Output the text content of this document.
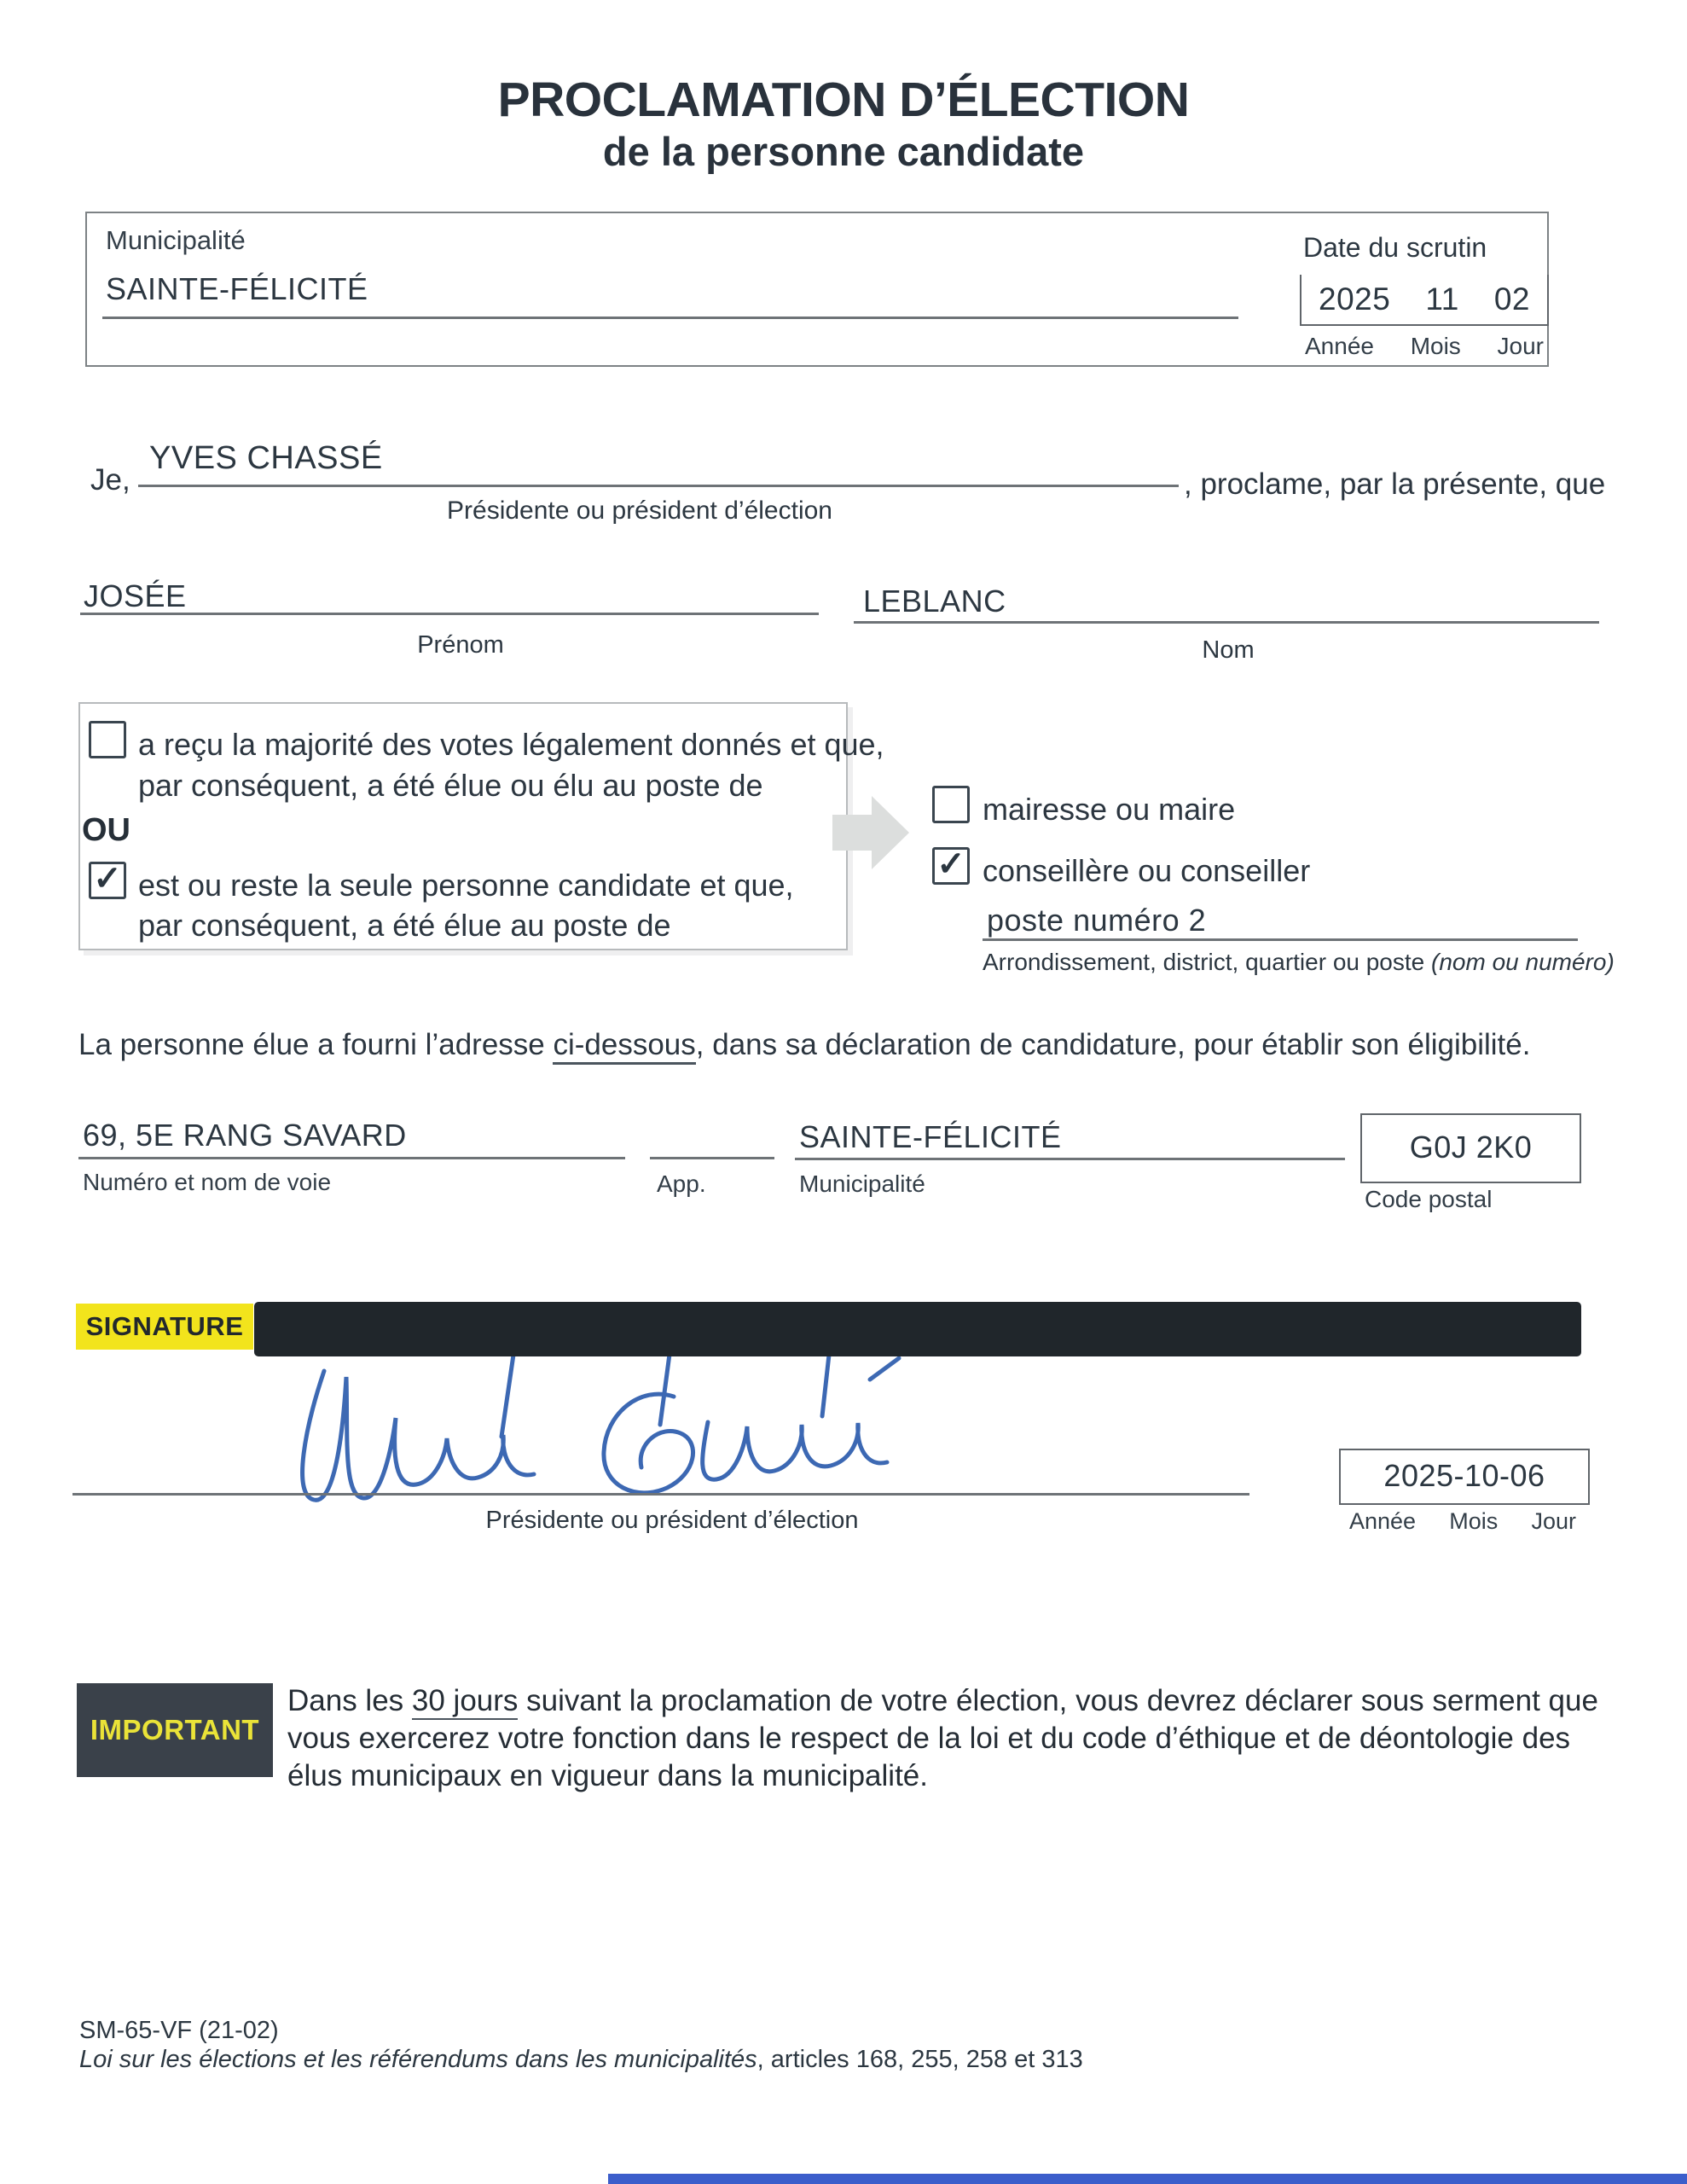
PROCLAMATION D’ÉLECTION
de la personne candidate
Municipalité
SAINTE-FÉLICITÉ
Date du scrutin
2025 11 02
Année Mois Jour
Je,
YVES CHASSÉ
Présidente ou président d’élection
, proclame, par la présente, que
JOSÉE
Prénom
LEBLANC
Nom
a reçu la majorité des votes légalement donnés et que,
par conséquent, a été élue ou élu au poste de
OU
✓ est ou reste la seule personne candidate et que,
par conséquent, a été élue au poste de
mairesse ou maire
✓ conseillère ou conseiller
poste numéro 2
Arrondissement, district, quartier ou poste (nom ou numéro)
La personne élue a fourni l’adresse ci-dessous, dans sa déclaration de candidature, pour établir son éligibilité.
69, 5E RANG SAVARD
Numéro et nom de voie	App.
SAINTE-FÉLICITÉ
Municipalité
G0J 2K0
Code postal
SIGNATURE
Présidente ou président d’élection
2025-10-06
Année Mois Jour
IMPORTANT
Dans les 30 jours suivant la proclamation de votre élection, vous devrez déclarer sous serment que vous exercerez votre fonction dans le respect de la loi et du code d’éthique et de déontologie des élus municipaux en vigueur dans la municipalité.
SM-65-VF (21-02)
Loi sur les élections et les référendums dans les municipalités, articles 168, 255, 258 et 313
